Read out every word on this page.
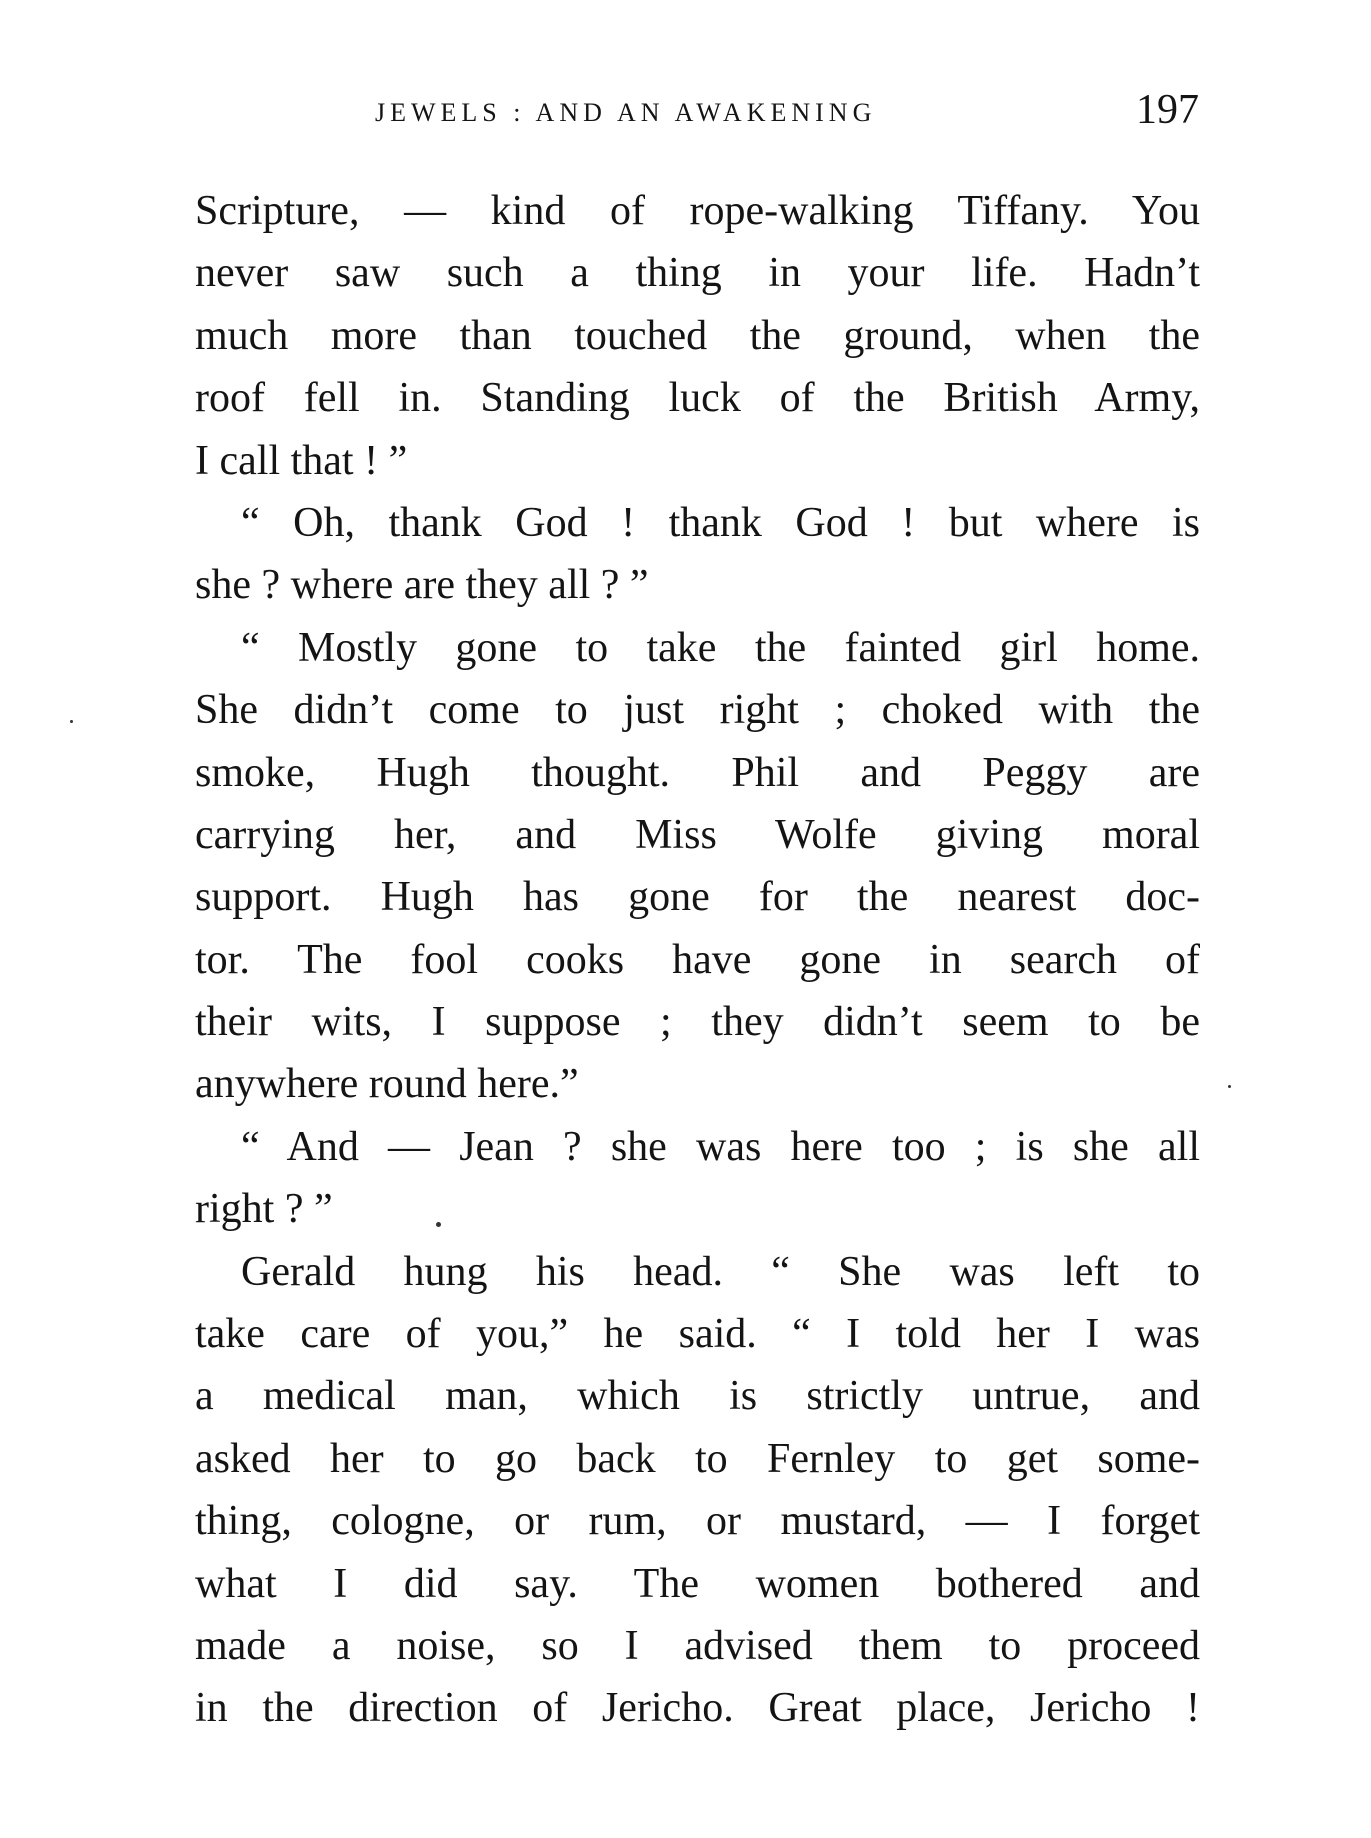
JEWELS : AND AN AWAKENING	197
Scripture, — kind of rope-walking Tiffany. You
never saw such a thing in your life. Hadn’t
much more than touched the ground, when the
roof fell in. Standing luck of the British Army,
I call that ! ”
“ Oh, thank God ! thank God ! but where is
she ? where are they all ? ”
“ Mostly gone to take the fainted girl home.
She didn’t come to just right ; choked with the
smoke, Hugh thought. Phil and Peggy are
carrying her, and Miss Wolfe giving moral
support. Hugh has gone for the nearest doc-
tor. The fool cooks have gone in search of
their wits, I suppose ; they didn’t seem to be
anywhere round here.”
“ And — Jean ? she was here too ; is she all
right ? ”
Gerald hung his head. “ She was left to
take care of you,” he said. “ I told her I was
a medical man, which is strictly untrue, and
asked her to go back to Fernley to get some-
thing, cologne, or rum, or mustard, — I forget
what I did say. The women bothered and
made a noise, so I advised them to proceed
in the direction of Jericho. Great place, Jericho !
